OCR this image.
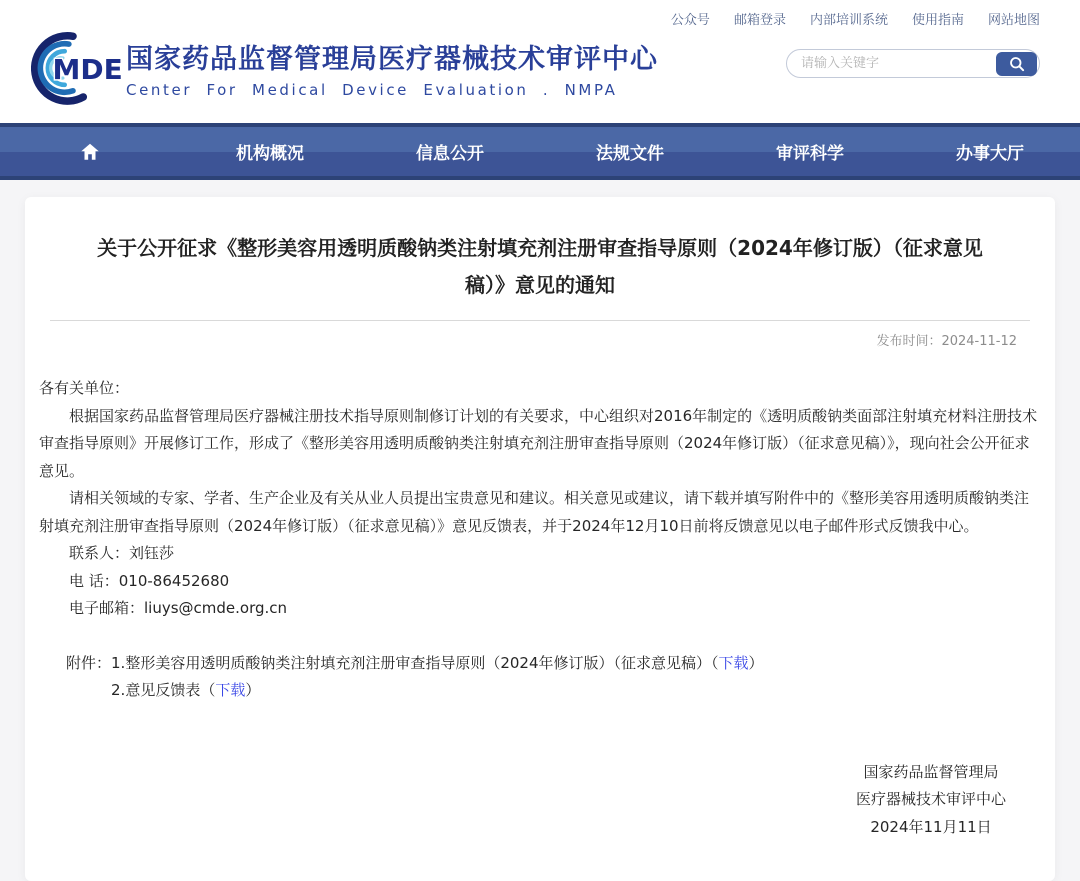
公众号 邮箱登录 内部培训系统 使用指南 网站地图
MDE 国家药品监督管理局医疗器械技术审评中心
Center For Medical Device Evaluation . NMPA
请输入关键字
机构概况	信息公开	法规文件	审评科学	办事大厅
关于公开征求《整形美容用透明质酸钠类注射填充剂注册审查指导原则（2024年修订版）（征求意见稿）》意见的通知
发布时间：2024-11-12

各有关单位：

根据国家药品监督管理局医疗器械注册技术指导原则制修订计划的有关要求，中心组织对2016年制定的《透明质酸钠类面部注射填充材料注册技术审查指导原则》开展修订工作，形成了《整形美容用透明质酸钠类注射填充剂注册审查指导原则（2024年修订版）（征求意见稿）》，现向社会公开征求意见。

请相关领域的专家、学者、生产企业及有关从业人员提出宝贵意见和建议。相关意见或建议，请下载并填写附件中的《整形美容用透明质酸钠类注射填充剂注册审查指导原则（2024年修订版）（征求意见稿）》意见反馈表，并于2024年12月10日前将反馈意见以电子邮件形式反馈我中心。

联系人：刘钰莎

电 话：010-86452680

电子邮箱：liuys@cmde.org.cn

附件： 1.整形美容用透明质酸钠类注射填充剂注册审查指导原则（2024年修订版）（征求意见稿）（下载）
2.意见反馈表（下载）
国家药品监督管理局
医疗器械技术审评中心
2024年11月11日
